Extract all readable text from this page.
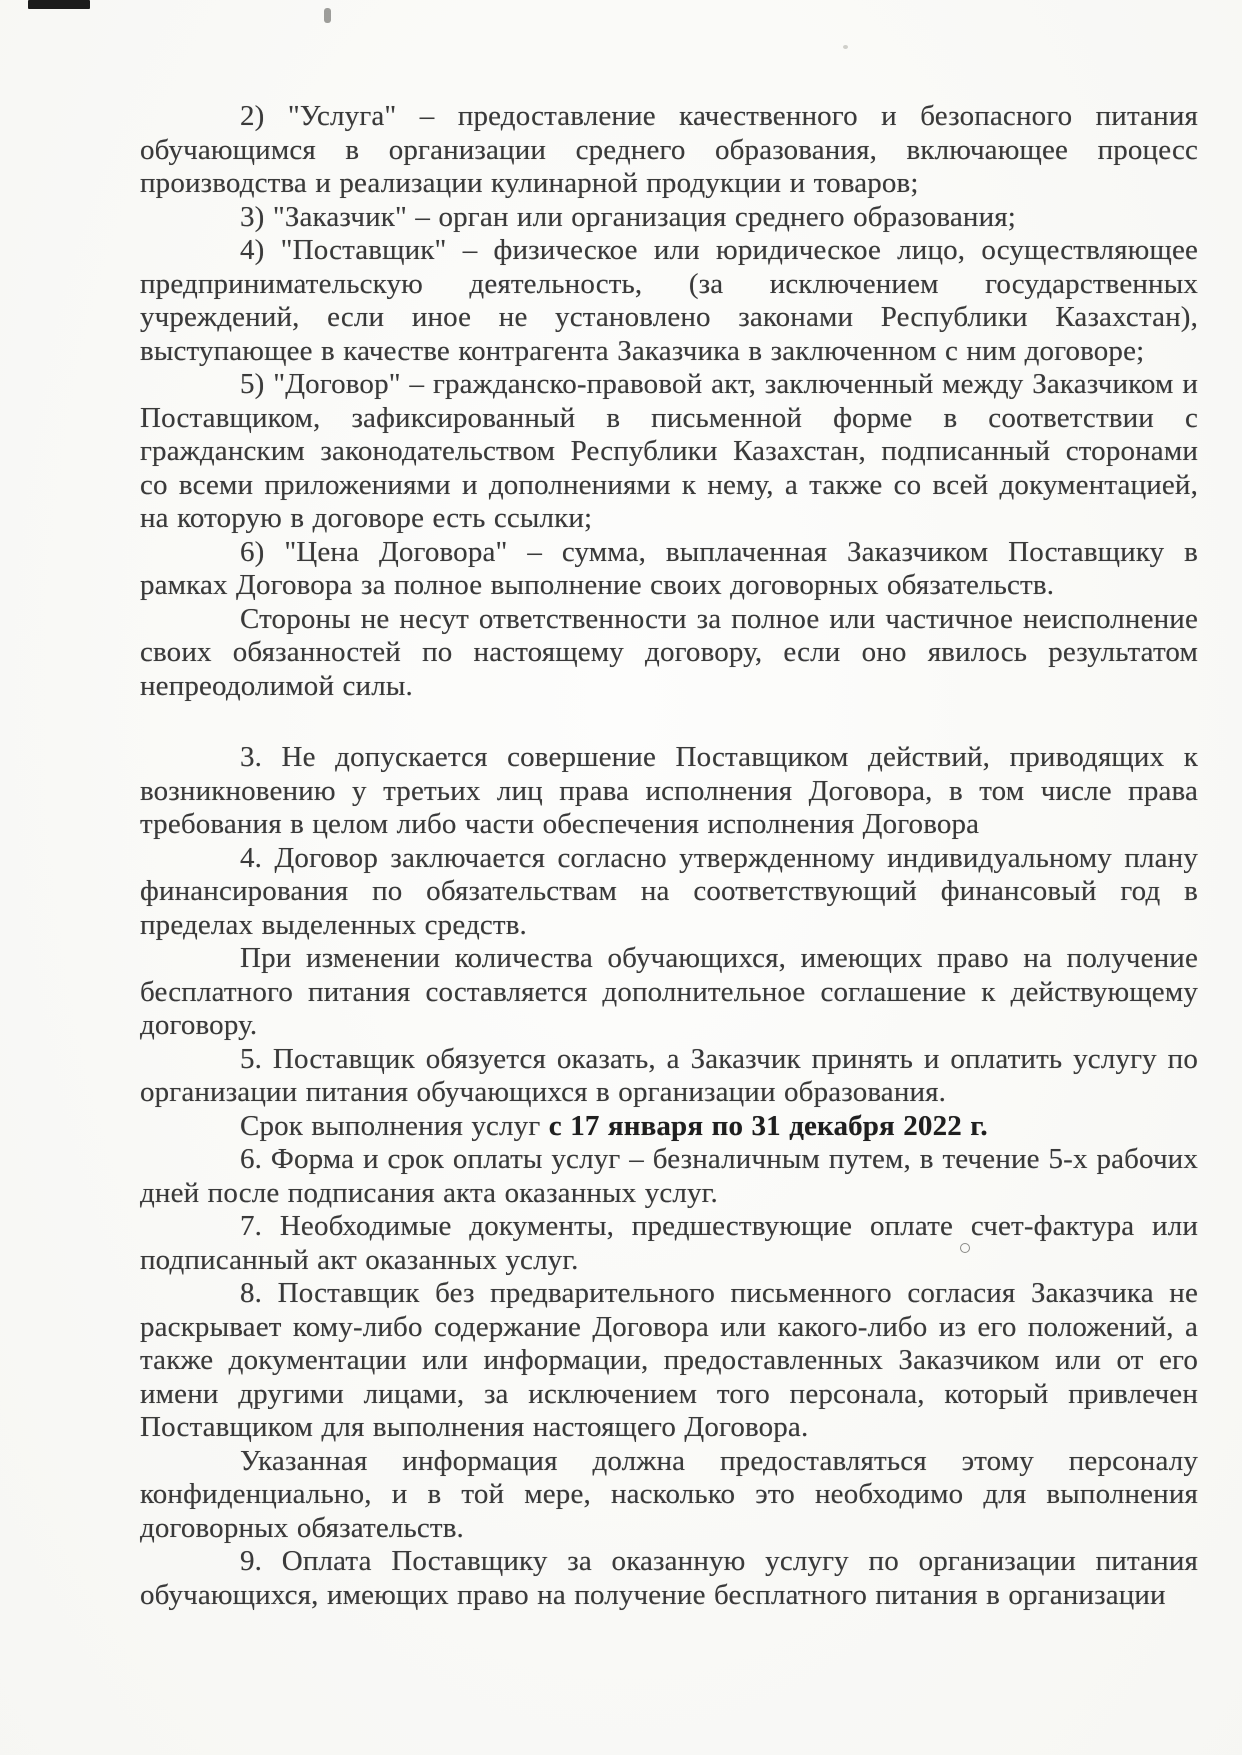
2) "Услуга" – предоставление качественного и безопасного питания обучающимся в организации среднего образования, включающее процесс производства и реализации кулинарной продукции и товаров;

3) "Заказчик" – орган или организация среднего образования;

4) "Поставщик" – физическое или юридическое лицо, осуществляющее предпринимательскую деятельность, (за исключением государственных учреждений, если иное не установлено законами Республики Казахстан), выступающее в качестве контрагента Заказчика в заключенном с ним договоре;

5) "Договор" – гражданско-правовой акт, заключенный между Заказчиком и Поставщиком, зафиксированный в письменной форме в соответствии с гражданским законодательством Республики Казахстан, подписанный сторонами со всеми приложениями и дополнениями к нему, а также со всей документацией, на которую в договоре есть ссылки;

6) "Цена Договора" – сумма, выплаченная Заказчиком Поставщику в рамках Договора за полное выполнение своих договорных обязательств.

Стороны не несут ответственности за полное или частичное неисполнение своих обязанностей по настоящему договору, если оно явилось результатом непреодолимой силы.

3. Не допускается совершение Поставщиком действий, приводящих к возникновению у третьих лиц права исполнения Договора, в том числе права требования в целом либо части обеспечения исполнения Договора

4. Договор заключается согласно утвержденному индивидуальному плану финансирования по обязательствам на соответствующий финансовый год в пределах выделенных средств.

При изменении количества обучающихся, имеющих право на получение бесплатного питания составляется дополнительное соглашение к действующему договору.

5. Поставщик обязуется оказать, а Заказчик принять и оплатить услугу по организации питания обучающихся в организации образования.

Срок выполнения услуг с 17 января по 31 декабря 2022 г.

6. Форма и срок оплаты услуг – безналичным путем, в течение 5-х рабочих дней после подписания акта оказанных услуг.

7. Необходимые документы, предшествующие оплате счет-фактура или подписанный акт оказанных услуг.

8. Поставщик без предварительного письменного согласия Заказчика не раскрывает кому-либо содержание Договора или какого-либо из его положений, а также документации или информации, предоставленных Заказчиком или от его имени другими лицами, за исключением того персонала, который привлечен Поставщиком для выполнения настоящего Договора.

Указанная информация должна предоставляться этому персоналу конфиденциально, и в той мере, насколько это необходимо для выполнения договорных обязательств.

9. Оплата Поставщику за оказанную услугу по организации питания обучающихся, имеющих право на получение бесплатного питания в организации
